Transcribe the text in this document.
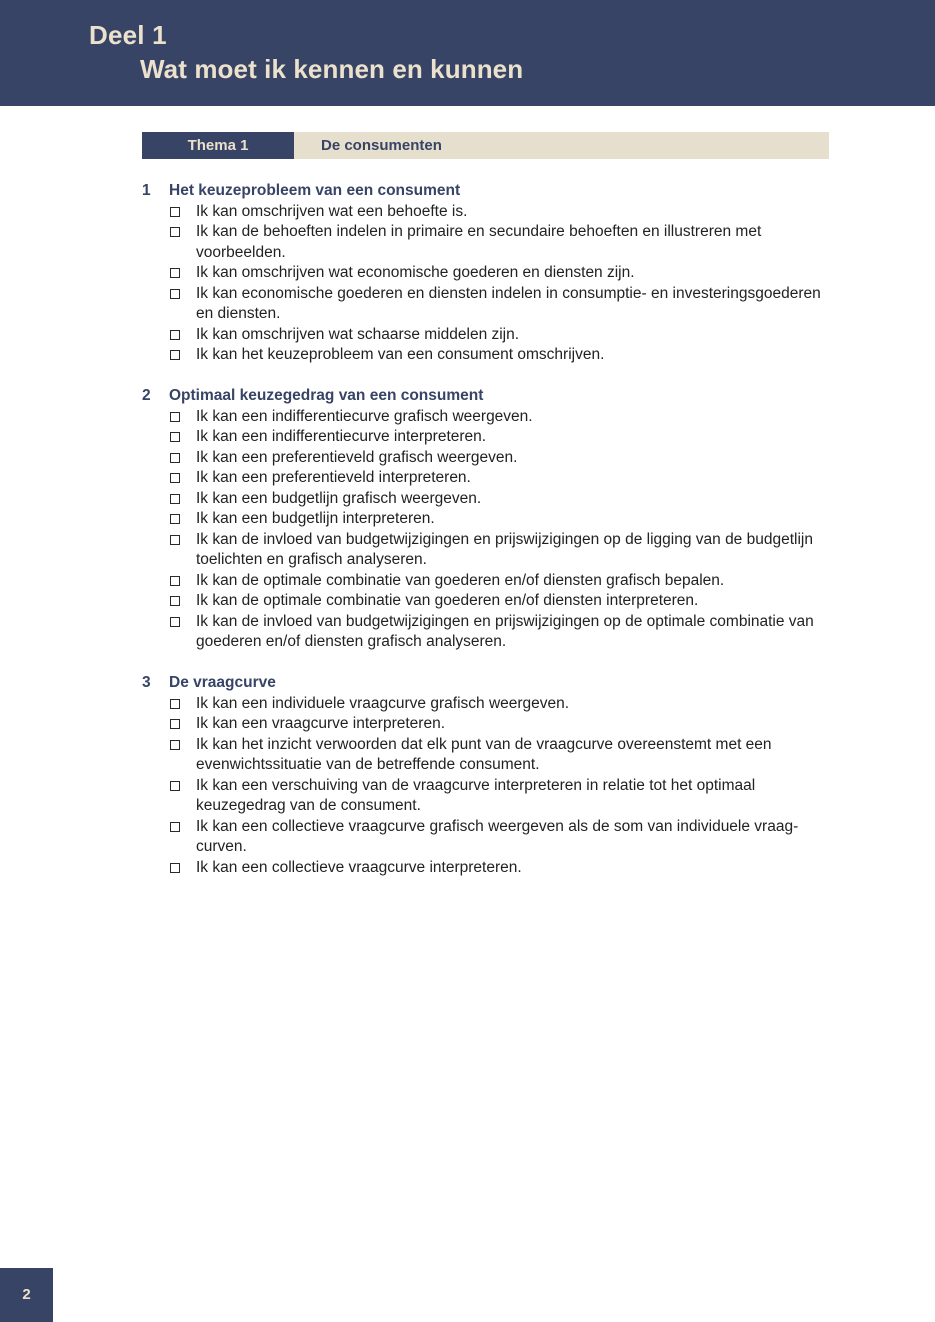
Deel 1
Wat moet ik kennen en kunnen
Thema 1	De consumenten
1	Het keuzeprobleem van een consument
Ik kan omschrijven wat een behoefte is.
Ik kan de behoeften indelen in primaire en secundaire behoeften en illustreren met voorbeelden.
Ik kan omschrijven wat economische goederen en diensten zijn.
Ik kan economische goederen en diensten indelen in consumptie- en investeringsgoederen en diensten.
Ik kan omschrijven wat schaarse middelen zijn.
Ik kan het keuzeprobleem van een consument omschrijven.
2	Optimaal keuzegedrag van een consument
Ik kan een indifferentiecurve grafisch weergeven.
Ik kan een indifferentiecurve interpreteren.
Ik kan een preferentieveld grafisch weergeven.
Ik kan een preferentieveld interpreteren.
Ik kan een budgetlijn grafisch weergeven.
Ik kan een budgetlijn interpreteren.
Ik kan de invloed van budgetwijzigingen en prijswijzigingen op de ligging van de budgetlijn toelichten en grafisch analyseren.
Ik kan de optimale combinatie van goederen en/of diensten grafisch bepalen.
Ik kan de optimale combinatie van goederen en/of diensten interpreteren.
Ik kan de invloed van budgetwijzigingen en prijswijzigingen op de optimale combinatie van goederen en/of diensten grafisch analyseren.
3	De vraagcurve
Ik kan een individuele vraagcurve grafisch weergeven.
Ik kan een vraagcurve interpreteren.
Ik kan het inzicht verwoorden dat elk punt van de vraagcurve overeenstemt met een evenwichtssituatie van de betreffende consument.
Ik kan een verschuiving van de vraagcurve interpreteren in relatie tot het optimaal keuzegedrag van de consument.
Ik kan een collectieve vraagcurve grafisch weergeven als de som van individuele vraagcurven.
Ik kan een collectieve vraagcurve interpreteren.
2
